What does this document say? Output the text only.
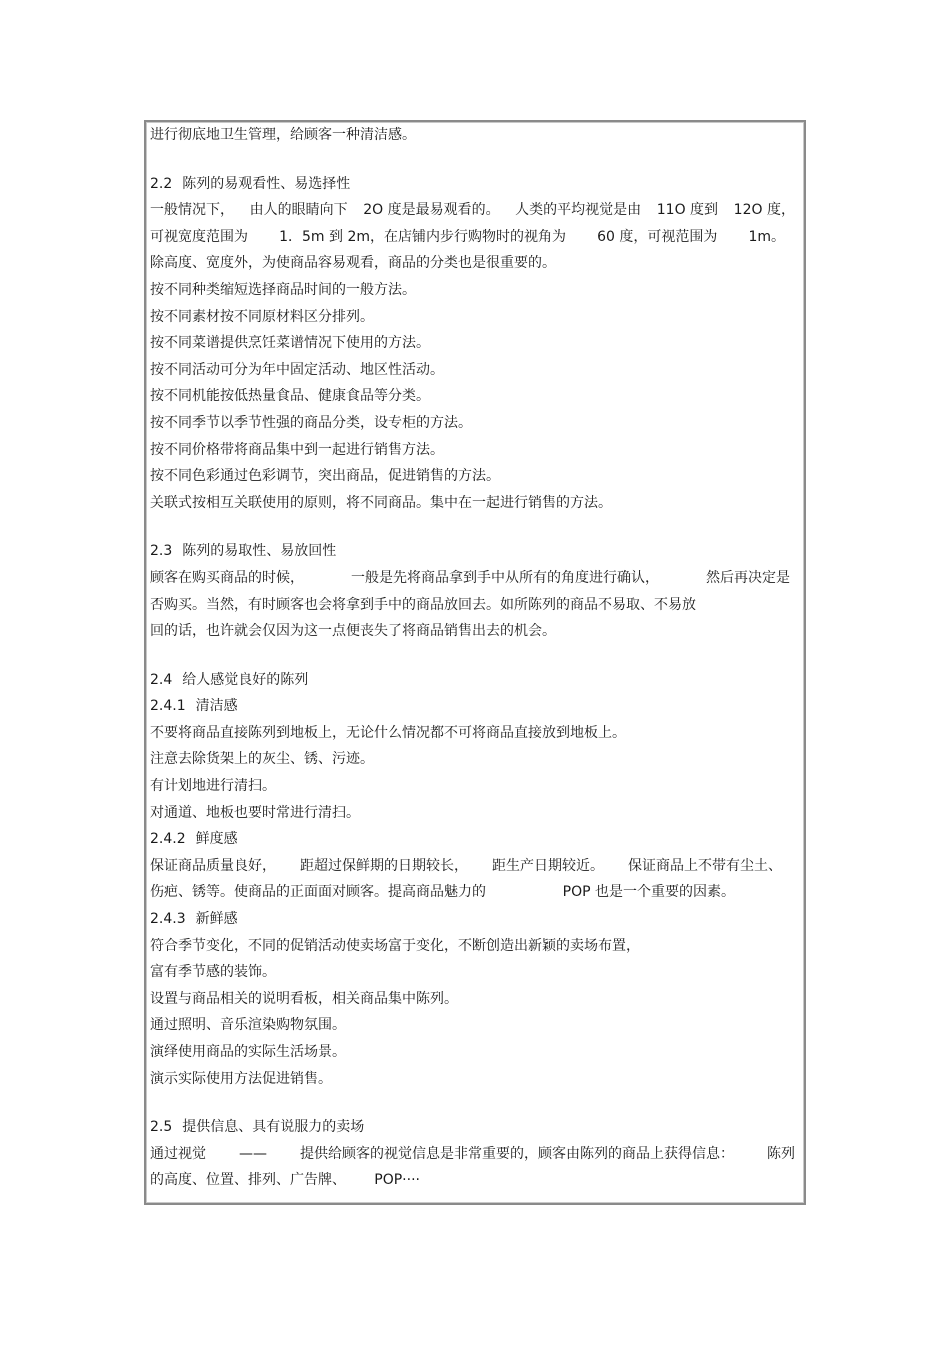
进行彻底地卫生管理，给顾客一种清洁感。
2.2 陈列的易观看性、易选择性
一般情况下， 由人的眼睛向下 2O 度是最易观看的。 人类的平均视觉是由 11O 度到 12O 度，
可视宽度范围为 1．5m 到 2m，在店铺内步行购物时的视角为 60 度，可视范围为 1m。
除高度、宽度外，为使商品容易观看，商品的分类也是很重要的。
按不同种类缩短选择商品时间的一般方法。
按不同素材按不同原材料区分排列。
按不同菜谱提供烹饪菜谱情况下使用的方法。
按不同活动可分为年中固定活动、地区性活动。
按不同机能按低热量食品、健康食品等分类。
按不同季节以季节性强的商品分类，设专柜的方法。
按不同价格带将商品集中到一起进行销售方法。
按不同色彩通过色彩调节，突出商品，促进销售的方法。
关联式按相互关联使用的原则，将不同商品。集中在一起进行销售的方法。
2.3 陈列的易取性、易放回性
顾客在购买商品的时候，	一般是先将商品拿到手中从所有的角度进行确认，	然后再决定是
否购买。当然，有时顾客也会将拿到手中的商品放回去。如所陈列的商品不易取、不易放
回的话，也许就会仅因为这一点便丧失了将商品销售出去的机会。
2.4 给人感觉良好的陈列
2.4.1 清洁感
不要将商品直接陈列到地板上，无论什么情况都不可将商品直接放到地板上。
注意去除货架上的灰尘、锈、污迹。
有计划地进行清扫。
对通道、地板也要时常进行清扫。
2.4.2 鲜度感
保证商品质量良好， 距超过保鲜期的日期较长， 距生产日期较近。 保证商品上不带有尘土、
伤疤、锈等。使商品的正面面对顾客。提高商品魅力的	POP 也是一个重要的因素。
2.4.3 新鲜感
符合季节变化，不同的促销活动使卖场富于变化，不断创造出新颖的卖场布置，
富有季节感的装饰。
设置与商品相关的说明看板，相关商品集中陈列。
通过照明、音乐渲染购物氛围。
演绎使用商品的实际生活场景。
演示实际使用方法促进销售。
2.5 提供信息、具有说服力的卖场
通过视觉 —— 提供给顾客的视觉信息是非常重要的，顾客由陈列的商品上获得信息： 陈列
的高度、位置、排列、广告牌、 POP····
